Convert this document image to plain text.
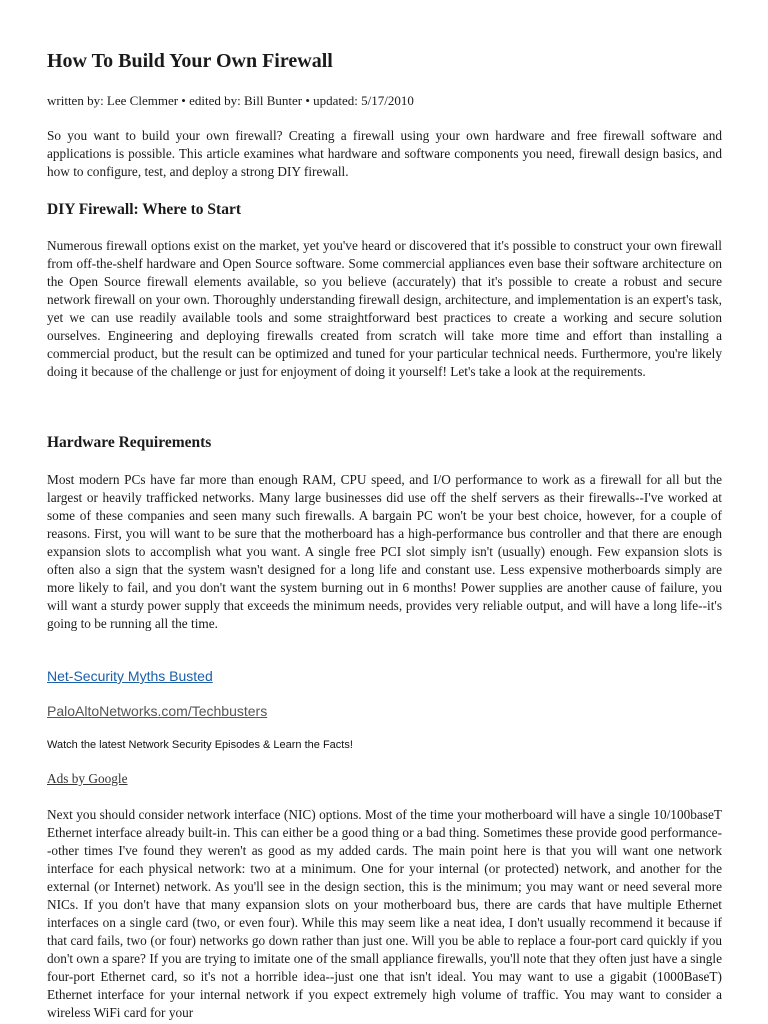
How To Build Your Own Firewall
written by: Lee Clemmer • edited by: Bill Bunter • updated: 5/17/2010

So you want to build your own firewall? Creating a firewall using your own hardware and free firewall software and applications is possible. This article examines what hardware and software components you need, firewall design basics, and how to configure, test, and deploy a strong DIY firewall.

DIY Firewall: Where to Start

Numerous firewall options exist on the market, yet you've heard or discovered that it's possible to construct your own firewall from off-the-shelf hardware and Open Source software. Some commercial appliances even base their software architecture on the Open Source firewall elements available, so you believe (accurately) that it's possible to create a robust and secure network firewall on your own. Thoroughly understanding firewall design, architecture, and implementation is an expert's task, yet we can use readily available tools and some straightforward best practices to create a working and secure solution ourselves. Engineering and deploying firewalls created from scratch will take more time and effort than installing a commercial product, but the result can be optimized and tuned for your particular technical needs. Furthermore, you're likely doing it because of the challenge or just for enjoyment of doing it yourself! Let's take a look at the requirements.

Hardware Requirements

Most modern PCs have far more than enough RAM, CPU speed, and I/O performance to work as a firewall for all but the largest or heavily trafficked networks. Many large businesses did use off the shelf servers as their firewalls--I've worked at some of these companies and seen many such firewalls. A bargain PC won't be your best choice, however, for a couple of reasons. First, you will want to be sure that the motherboard has a high-performance bus controller and that there are enough expansion slots to accomplish what you want. A single free PCI slot simply isn't (usually) enough. Few expansion slots is often also a sign that the system wasn't designed for a long life and constant use. Less expensive motherboards simply are more likely to fail, and you don't want the system burning out in 6 months! Power supplies are another cause of failure, you will want a sturdy power supply that exceeds the minimum needs, provides very reliable output, and will have a long life--it's going to be running all the time.

Net-Security Myths Busted
PaloAltoNetworks.com/Techbusters
Watch the latest Network Security Episodes & Learn the Facts!
Ads by Google

Next you should consider network interface (NIC) options. Most of the time your motherboard will have a single 10/100baseT Ethernet interface already built-in. This can either be a good thing or a bad thing. Sometimes these provide good performance--other times I've found they weren't as good as my added cards. The main point here is that you will want one network interface for each physical network: two at a minimum. One for your internal (or protected) network, and another for the external (or Internet) network. As you'll see in the design section, this is the minimum; you may want or need several more NICs. If you don't have that many expansion slots on your motherboard bus, there are cards that have multiple Ethernet interfaces on a single card (two, or even four). While this may seem like a neat idea, I don't usually recommend it because if that card fails, two (or four) networks go down rather than just one. Will you be able to replace a four-port card quickly if you don't own a spare? If you are trying to imitate one of the small appliance firewalls, you'll note that they often just have a single four-port Ethernet card, so it's not a horrible idea--just one that isn't ideal. You may want to use a gigabit (1000BaseT) Ethernet interface for your internal network if you expect extremely high volume of traffic. You may want to consider a wireless WiFi card for your
